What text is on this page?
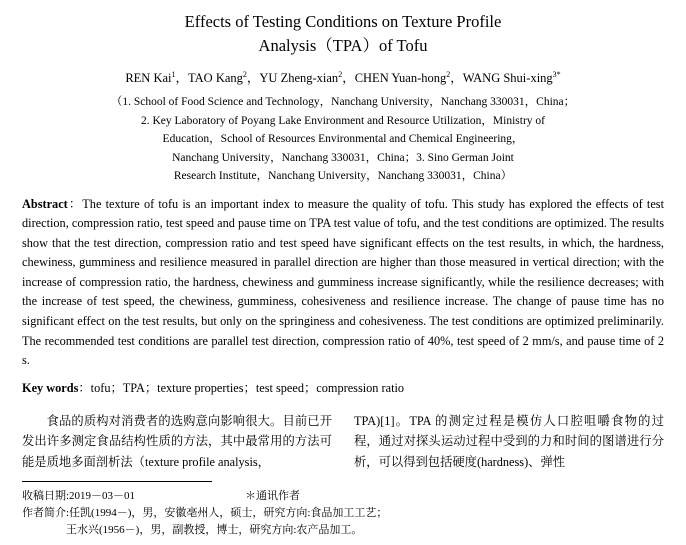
Effects of Testing Conditions on Texture Profile
Analysis（TPA）of Tofu
REN Kai$^1$，TAO Kang$^2$，YU Zheng-xian$^2$，CHEN Yuan-hong$^2$，WANG Shui-xing$^{3*}$
（1. School of Food Science and Technology，Nanchang University，Nanchang 330031，China；
2. Key Laboratory of Poyang Lake Environment and Resource Utilization，Ministry of
Education，School of Resources Environmental and Chemical Engineering，
Nanchang University，Nanchang 330031，China；3. Sino German Joint
Research Institute，Nanchang University，Nanchang 330031，China）
Abstract：The texture of tofu is an important index to measure the quality of tofu. This study has explored the effects of test direction, compression ratio, test speed and pause time on TPA test value of tofu, and the test conditions are optimized. The results show that the test direction, compression ratio and test speed have significant effects on the test results, in which, the hardness, chewiness, gumminess and resilience measured in parallel direction are higher than those measured in vertical direction; with the increase of compression ratio, the hardness, chewiness and gumminess increase significantly, while the resilience decreases; with the increase of test speed, the chewiness, gumminess, cohesiveness and resilience increase. The change of pause time has no significant effect on the test results, but only on the springiness and cohesiveness. The test conditions are optimized preliminarily. The recommended test conditions are parallel test direction, compression ratio of 40%, test speed of 2 mm/s, and pause time of 2 s.
Key words：tofu；TPA；texture properties；test speed；compression ratio

食品的质构对消费者的选购意向影响很大。目前已开发出许多测定食品结构性质的方法，其中最常用的方法可能是质地多面剖析法（texture profile analysis，

TPA)[1]。TPA 的测定过程是模仿人口腔咀嚼食物的过程，通过对探头运动过程中受到的力和时间的图谱进行分析，可以得到包括硬度(hardness)、弹性

收稿日期:2019－03－01	＊通讯作者
作者简介:任凯(1994－)，男，安徽亳州人，硕士，研究方向:食品加工工艺；
　　　　王水兴(1956－)，男，副教授，博士，研究方向:农产品加工。
